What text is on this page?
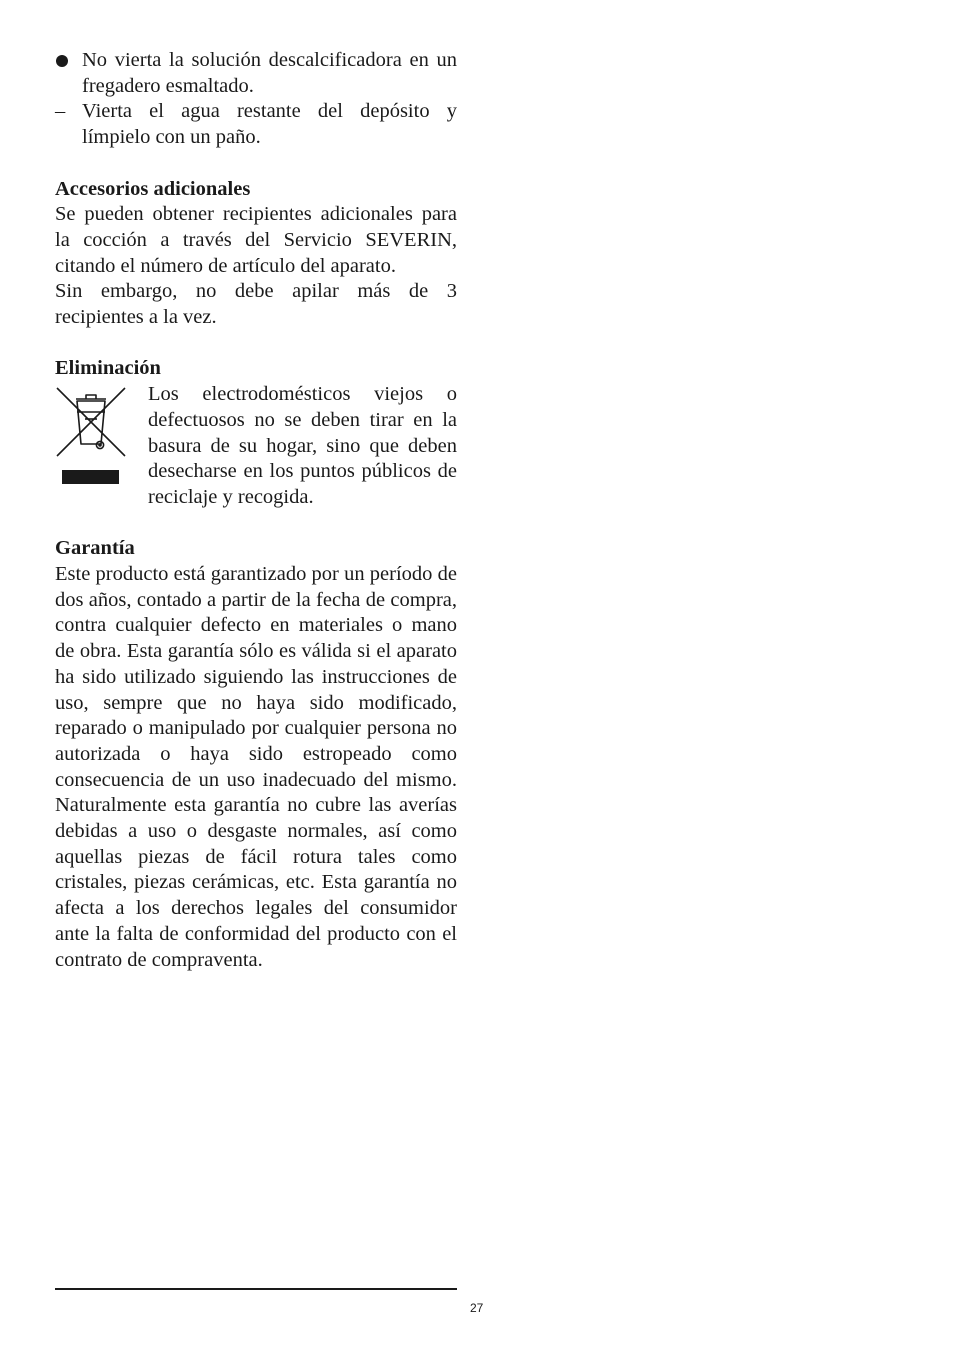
No vierta la solución descalcificadora en un fregadero esmaltado.
– Vierta el agua restante del depósito y límpielo con un paño.
Accesorios adicionales
Se pueden obtener recipientes adicionales para la cocción a través del Servicio SEVERIN, citando el número de artículo del aparato.
Sin embargo, no debe apilar más de 3 recipientes a la vez.
Eliminación
Los electrodomésticos viejos o defectuosos no se deben tirar en la basura de su hogar, sino que deben desecharse en los puntos públicos de reciclaje y recogida.
Garantía
Este producto está garantizado por un período de dos años, contado a partir de la fecha de compra, contra cualquier defecto en materiales o mano de obra. Esta garantía sólo es válida si el aparato ha sido utilizado siguiendo las instrucciones de uso, sempre que no haya sido modificado, reparado o manipulado por cualquier persona no autorizada o haya sido estropeado como consecuencia de un uso inadecuado del mismo. Naturalmente esta garantía no cubre las averías debidas a uso o desgaste normales, así como aquellas piezas de fácil rotura tales como cristales, piezas cerámicas, etc. Esta garantía no afecta a los derechos legales del consumidor ante la falta de conformidad del producto con el contrato de compraventa.
27
